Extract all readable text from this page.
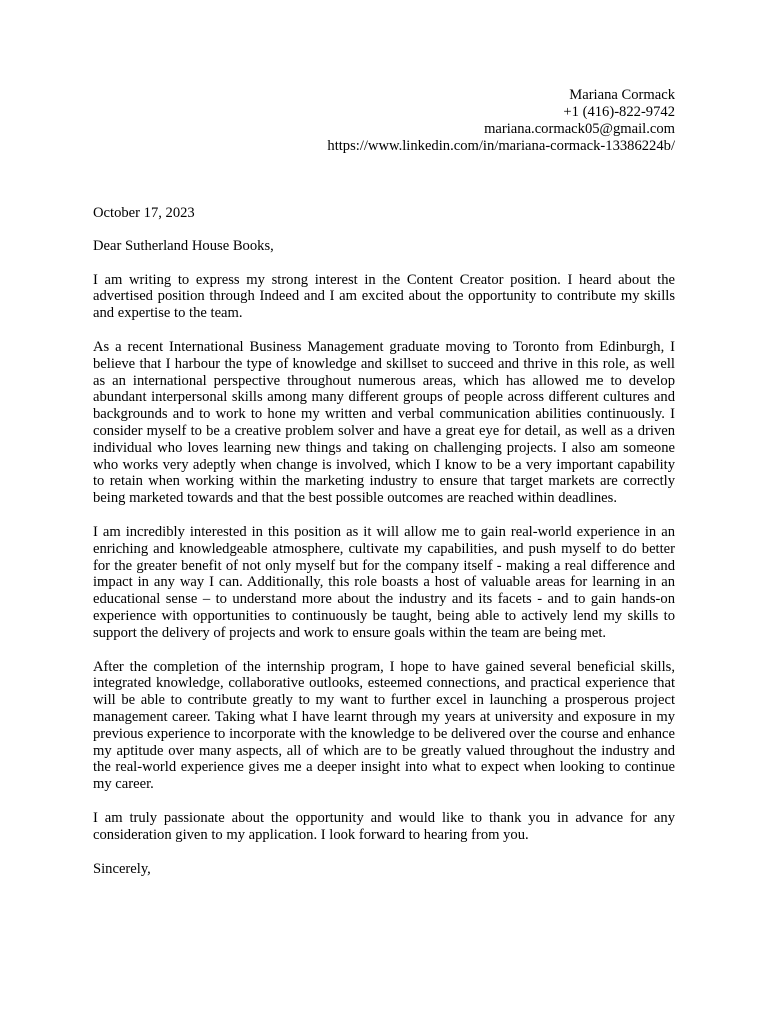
Mariana Cormack
+1 (416)-822-9742
mariana.cormack05@gmail.com
https://www.linkedin.com/in/mariana-cormack-13386224b/

October 17, 2023

Dear Sutherland House Books,

I am writing to express my strong interest in the Content Creator position. I heard about the advertised position through Indeed and I am excited about the opportunity to contribute my skills and expertise to the team.

As a recent International Business Management graduate moving to Toronto from Edinburgh, I believe that I harbour the type of knowledge and skillset to succeed and thrive in this role, as well as an international perspective throughout numerous areas, which has allowed me to develop abundant interpersonal skills among many different groups of people across different cultures and backgrounds and to work to hone my written and verbal communication abilities continuously. I consider myself to be a creative problem solver and have a great eye for detail, as well as a driven individual who loves learning new things and taking on challenging projects. I also am someone who works very adeptly when change is involved, which I know to be a very important capability to retain when working within the marketing industry to ensure that target markets are correctly being marketed towards and that the best possible outcomes are reached within deadlines.

I am incredibly interested in this position as it will allow me to gain real-world experience in an enriching and knowledgeable atmosphere, cultivate my capabilities, and push myself to do better for the greater benefit of not only myself but for the company itself - making a real difference and impact in any way I can. Additionally, this role boasts a host of valuable areas for learning in an educational sense – to understand more about the industry and its facets - and to gain hands-on experience with opportunities to continuously be taught, being able to actively lend my skills to support the delivery of projects and work to ensure goals within the team are being met.

After the completion of the internship program, I hope to have gained several beneficial skills, integrated knowledge, collaborative outlooks, esteemed connections, and practical experience that will be able to contribute greatly to my want to further excel in launching a prosperous project management career. Taking what I have learnt through my years at university and exposure in my previous experience to incorporate with the knowledge to be delivered over the course and enhance my aptitude over many aspects, all of which are to be greatly valued throughout the industry and the real-world experience gives me a deeper insight into what to expect when looking to continue my career.

I am truly passionate about the opportunity and would like to thank you in advance for any consideration given to my application. I look forward to hearing from you.

Sincerely,
